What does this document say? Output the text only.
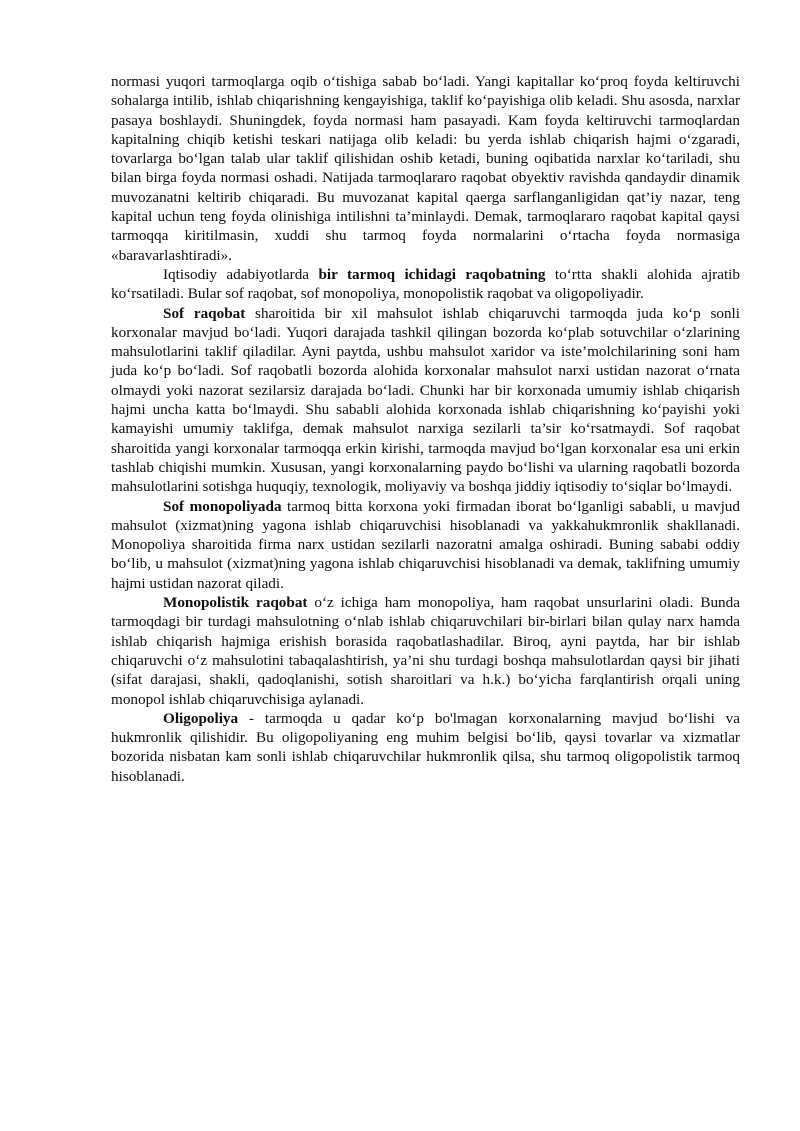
normasi yuqori tarmoqlarga oqib oʻtishiga sabab boʻladi. Yangi kapitallar koʻproq foyda keltiruvchi sohalarga intilib, ishlab chiqarishning kengayishiga, taklif koʻpayishiga olib keladi. Shu asosda, narxlar pasaya boshlaydi. Shuningdek, foyda normasi ham pasayadi. Kam foyda keltiruvchi tarmoqlardan kapitalning chiqib ketishi teskari natijaga olib keladi: bu yerda ishlab chiqarish hajmi oʻzgaradi, tovarlarga boʻlgan talab ular taklif qilishidan oshib ketadi, buning oqibatida narxlar koʻtariladi, shu bilan birga foyda normasi oshadi. Natijada tarmoqlararo raqobat obyektiv ravishda qandaydir dinamik muvozanatni keltirib chiqaradi. Bu muvozanat kapital qaerga sarflanganligidan qat’iy nazar, teng kapital uchun teng foyda olinishiga intilishni ta’minlaydi. Demak, tarmoqlararo raqobat kapital qaysi tarmoqqa kiritilmasin, xuddi shu tarmoq foyda normalarini oʻrtacha foyda normasiga «baravarlashtiradi».

Iqtisodiy adabiyotlarda bir tarmoq ichidagi raqobatning toʻrtta shakli alohida ajratib koʻrsatiladi. Bular sof raqobat, sof monopoliya, monopolistik raqobat va oligopoliyadir.

Sof raqobat sharoitida bir xil mahsulot ishlab chiqaruvchi tarmoqda juda koʻp sonli korxonalar mavjud boʻladi. Yuqori darajada tashkil qilingan bozorda koʻplab sotuvchilar oʻzlarining mahsulotlarini taklif qiladilar. Ayni paytda, ushbu mahsulot xaridor va iste’molchilarining soni ham juda koʻp boʻladi. Sof raqobatli bozorda alohida korxonalar mahsulot narxi ustidan nazorat oʻrnata olmaydi yoki nazorat sezilarsiz darajada boʻladi. Chunki har bir korxonada umumiy ishlab chiqarish hajmi uncha katta boʻlmaydi. Shu sababli alohida korxonada ishlab chiqarishning koʻpayishi yoki kamayishi umumiy taklifga, demak mahsulot narxiga sezilarli ta’sir koʻrsatmaydi. Sof raqobat sharoitida yangi korxonalar tarmoqqa erkin kirishi, tarmoqda mavjud boʻlgan korxonalar esa uni erkin tashlab chiqishi mumkin. Xususan, yangi korxonalarning paydo boʻlishi va ularning raqobatli bozorda mahsulotlarini sotishga huquqiy, texnologik, moliyaviy va boshqa jiddiy iqtisodiy toʻsiqlar boʻlmaydi.

Sof monopoliyada tarmoq bitta korxona yoki firmadan iborat boʻlganligi sababli, u mavjud mahsulot (xizmat)ning yagona ishlab chiqaruvchisi hisoblanadi va yakkahukmronlik shakllanadi. Monopoliya sharoitida firma narx ustidan sezilarli nazoratni amalga oshiradi. Buning sababi oddiy boʻlib, u mahsulot (xizmat)ning yagona ishlab chiqaruvchisi hisoblanadi va demak, taklifning umumiy hajmi ustidan nazorat qiladi.

Monopolistik raqobat oʻz ichiga ham monopoliya, ham raqobat unsurlarini oladi. Bunda tarmoqdagi bir turdagi mahsulotning oʻnlab ishlab chiqaruvchilari bir-birlari bilan qulay narx hamda ishlab chiqarish hajmiga erishish borasida raqobatlashadilar. Biroq, ayni paytda, har bir ishlab chiqaruvchi oʻz mahsulotini tabaqalashtirish, ya’ni shu turdagi boshqa mahsulotlardan qaysi bir jihati (sifat darajasi, shakli, qadoqlanishi, sotish sharoitlari va h.k.) boʻyicha farqlantirish orqali uning monopol ishlab chiqaruvchisiga aylanadi.

Oligopoliya - tarmoqda u qadar koʻp bo'lmagan korxonalarning mavjud boʻlishi va hukmronlik qilishidir. Bu oligopoliyaning eng muhim belgisi boʻlib, qaysi tovarlar va xizmatlar bozorida nisbatan kam sonli ishlab chiqaruvchilar hukmronlik qilsa, shu tarmoq oligopolistik tarmoq hisoblanadi.
